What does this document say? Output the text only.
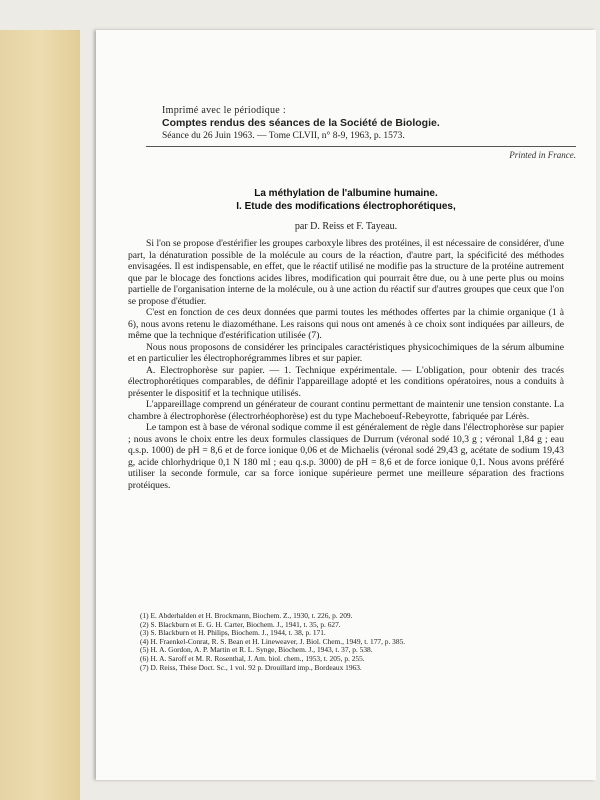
Imprimé avec le périodique :
Comptes rendus des séances de la Société de Biologie.
Séance du 26 Juin 1963. — Tome CLVII, n° 8-9, 1963, p. 1573.
Printed in France.
La méthylation de l'albumine humaine.
I. Etude des modifications électrophorétiques,
par D. Reiss et F. Tayeau.

Si l'on se propose d'estérifier les groupes carboxyle libres des protéines, il est nécessaire de considérer, d'une part, la dénaturation possible de la molécule au cours de la réaction, d'autre part, la spécificité des méthodes envisagées. Il est indispensable, en effet, que le réactif utilisé ne modifie pas la structure de la protéine autrement que par le blocage des fonctions acides libres, modification qui pourrait être due, ou à une perte plus ou moins partielle de l'organisation interne de la molécule, ou à une action du réactif sur d'autres groupes que ceux que l'on se propose d'étudier.

C'est en fonction de ces deux données que parmi toutes les méthodes offertes par la chimie organique (1 à 6), nous avons retenu le diazométhane. Les raisons qui nous ont amenés à ce choix sont indiquées par ailleurs, de même que la technique d'estérification utilisée (7).

Nous nous proposons de considérer les principales caractéristiques physicochimiques de la sérum albumine et en particulier les électrophorégrammes libres et sur papier.

A. Electrophorèse sur papier. — 1. Technique expérimentale. — L'obligation, pour obtenir des tracés électrophorétiques comparables, de définir l'appareillage adopté et les conditions opératoires, nous a conduits à présenter le dispositif et la technique utilisés.

L'appareillage comprend un générateur de courant continu permettant de maintenir une tension constante. La chambre à électrophorèse (électrorhéophorèse) est du type Macheboeuf-Rebeyrotte, fabriquée par Lérès.

Le tampon est à base de véronal sodique comme il est généralement de règle dans l'électrophorèse sur papier ; nous avons le choix entre les deux formules classiques de Durrum (véronal sodé 10,3 g ; véronal 1,84 g ; eau q.s.p. 1000) de pH = 8,6 et de force ionique 0,06 et de Michaelis (véronal sodé 29,43 g, acétate de sodium 19,43 g, acide chlorhydrique 0,1 N 180 ml ; eau q.s.p. 3000) de pH = 8,6 et de force ionique 0,1. Nous avons préféré utiliser la seconde formule, car sa force ionique supérieure permet une meilleure séparation des fractions protéiques.

(1) E. Abderhalden et H. Brockmann, Biochem. Z., 1930, t. 226, p. 209.

(2) S. Blackburn et E. G. H. Carter, Biochem. J., 1941, t. 35, p. 627.

(3) S. Blackburn et H. Philips, Biochem. J., 1944, t. 38, p. 171.

(4) H. Fraenkel-Conrat, R. S. Bean et H. Lineweaver, J. Biol. Chem., 1949, t. 177, p. 385.

(5) H. A. Gordon, A. P. Martin et R. L. Synge, Biochem. J., 1943, t. 37, p. 538.

(6) H. A. Saroff et M. R. Rosenthal, J. Am. biol. chem., 1953, t. 205, p. 255.

(7) D. Reiss, Thèse Doct. Sc., 1 vol. 92 p. Drouillard imp., Bordeaux 1963.
